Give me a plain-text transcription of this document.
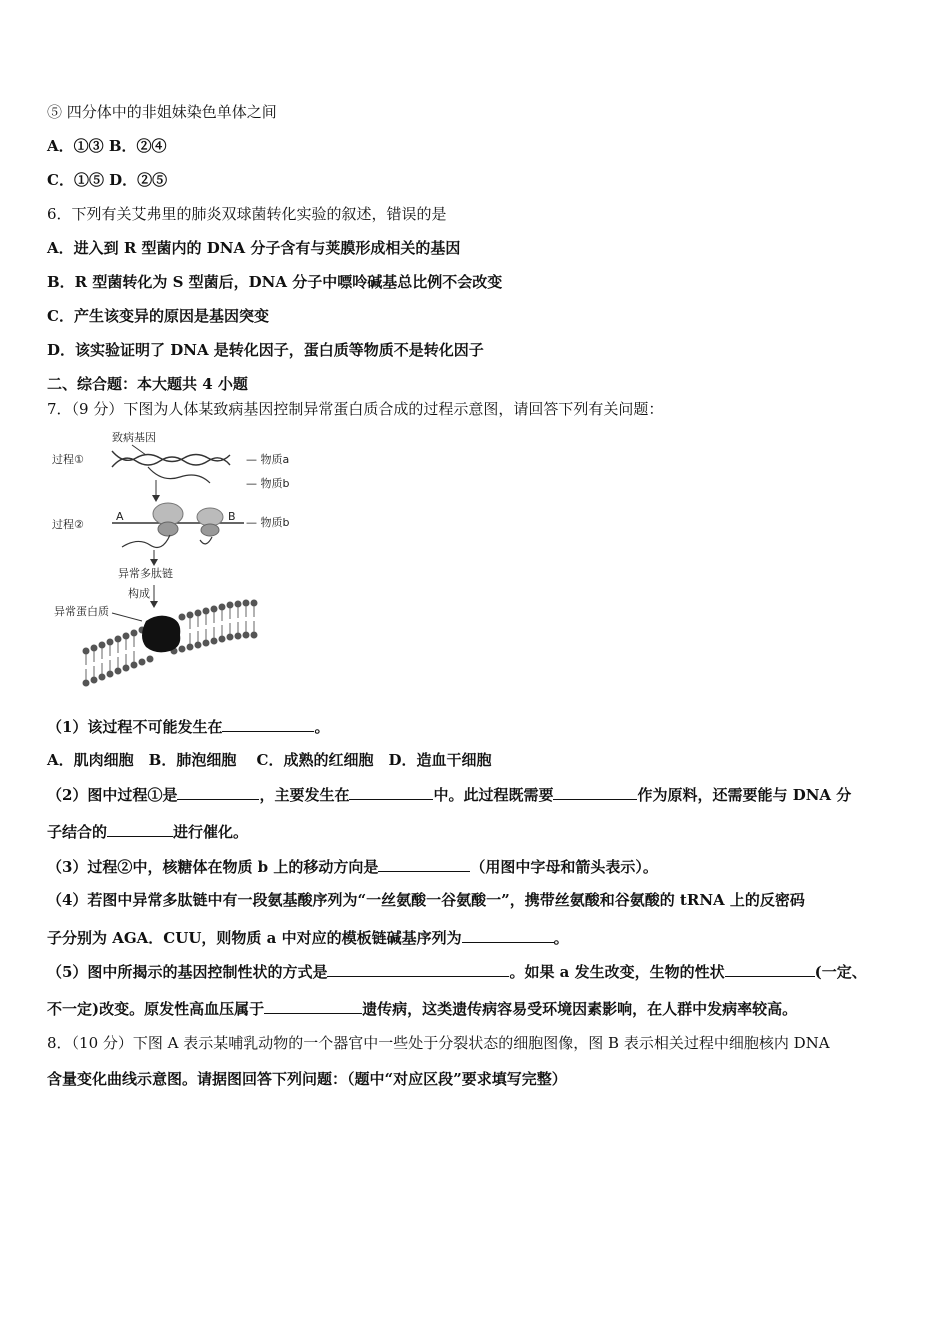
⑤ 四分体中的非姐妹染色单体之间
A．①③ B．②④
C．①⑤ D．②⑤
6．下列有关艾弗里的肺炎双球菌转化实验的叙述，错误的是
A．进入到 R 型菌内的 DNA 分子含有与荚膜形成相关的基因
B．R 型菌转化为 S 型菌后，DNA 分子中嘌呤碱基总比例不会改变
C．产生该变异的原因是基因突变
D．该实验证明了 DNA 是转化因子，蛋白质等物质不是转化因子
二、综合题：本大题共 4 小题
7．（9 分）下图为人体某致病基因控制异常蛋白质合成的过程示意图，请回答下列有关问题：
致病基因
过程①	— 物质a
— 物质b
过程②
A	B — 物质b
异常多肽链
构成
异常蛋白质
（1）该过程不可能发生在	。
A．肌肉细胞　B．肺泡细胞　 C．成熟的红细胞　D．造血干细胞
（2）图中过程①是	，主要发生在	中。此过程既需要	作为原料，还需要能与 DNA 分
子结合的	进行催化。
（3）过程②中，核糖体在物质 b 上的移动方向是	（用图中字母和箭头表示）。
（4）若图中异常多肽链中有一段氨基酸序列为“一丝氨酸一谷氨酸一”，携带丝氨酸和谷氨酸的 tRNA 上的反密码
子分别为 AGA．CUU，则物质 a 中对应的模板链碱基序列为	。
（5）图中所揭示的基因控制性状的方式是	。如果 a 发生改变，生物的性状	(一定、
不一定)改变。原发性高血压属于	遗传病，这类遗传病容易受环境因素影响，在人群中发病率较高。
8．（10 分）下图 A 表示某哺乳动物的一个器官中一些处于分裂状态的细胞图像，图 B 表示相关过程中细胞核内 DNA
含量变化曲线示意图。请据图回答下列问题：（题中“对应区段”要求填写完整）
